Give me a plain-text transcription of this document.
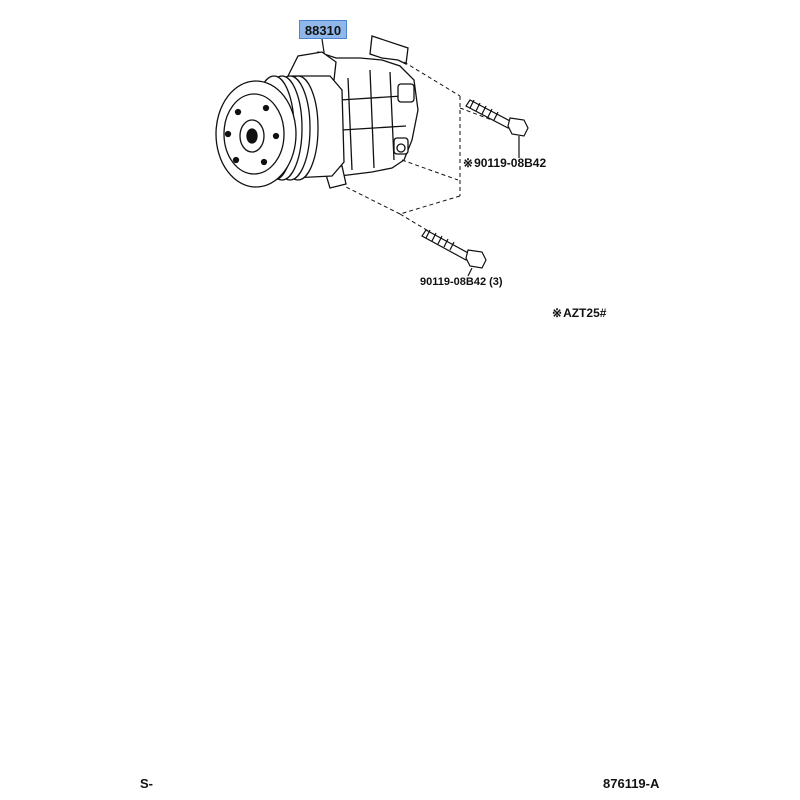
88310
※90119-08B42
90119-08B42 (3)
※AZT25#
S-	876119-A
